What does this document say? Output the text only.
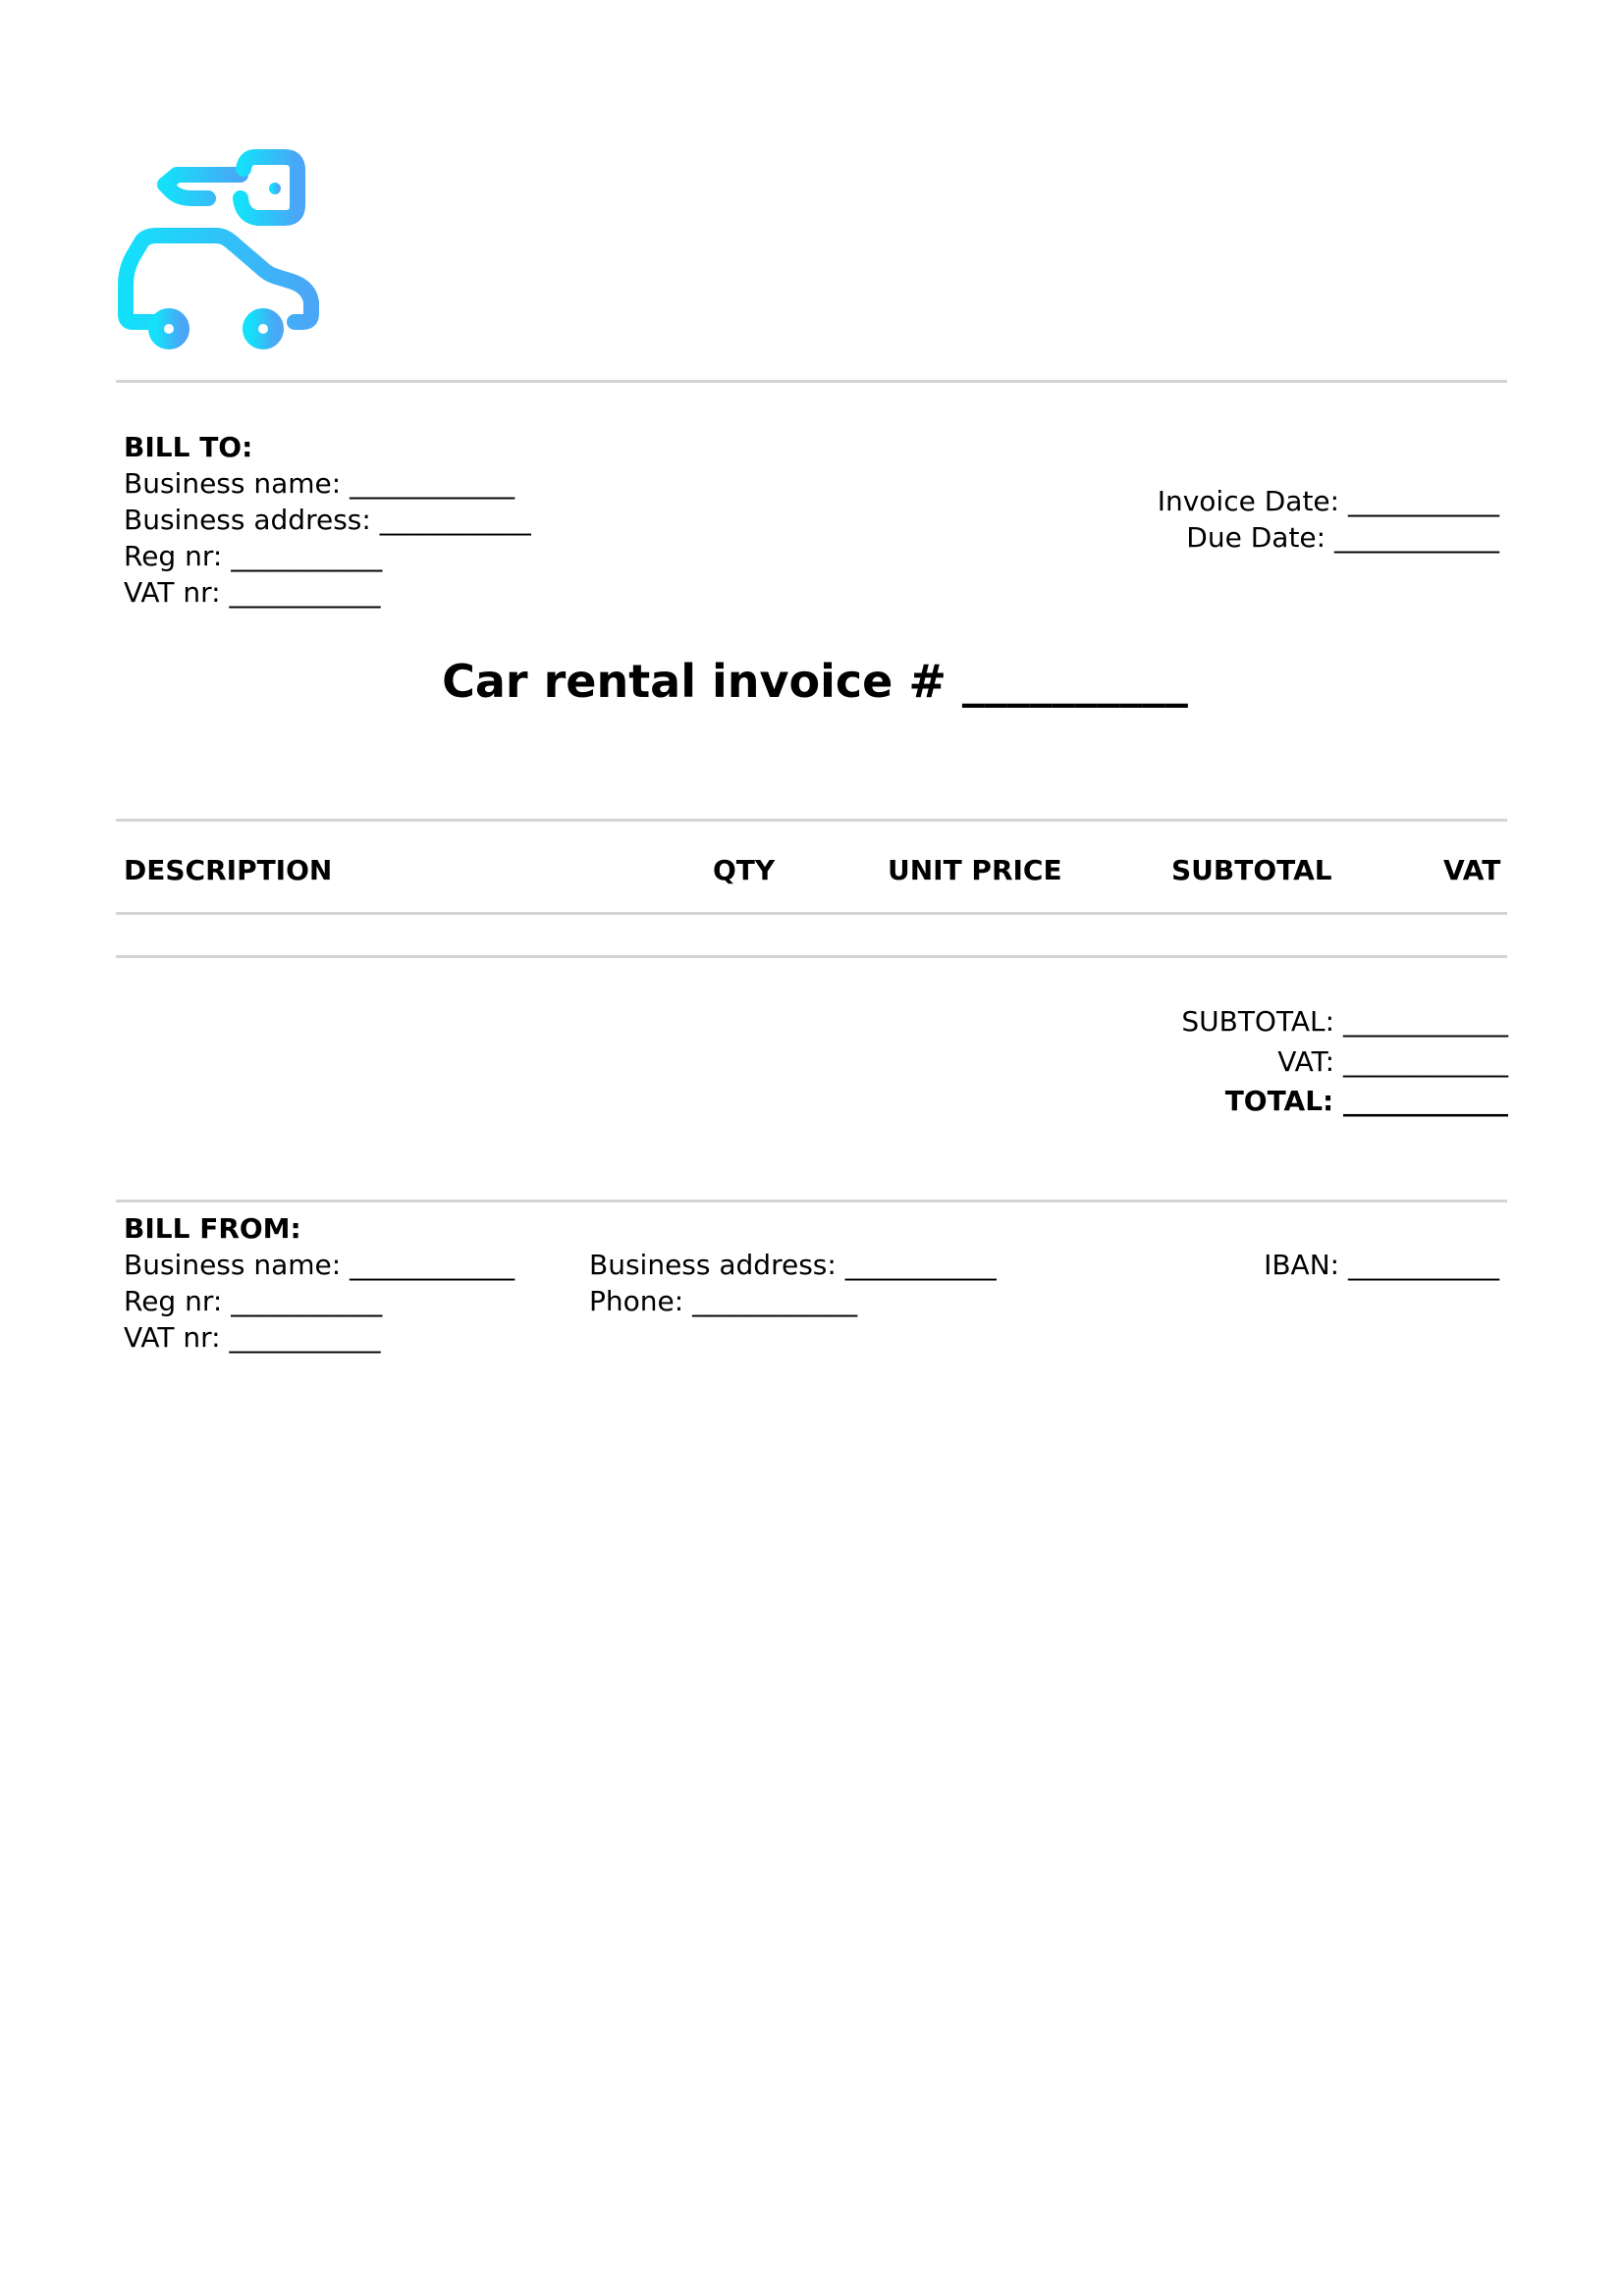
BILL TO:
Business name: ____________
Business address: ___________
Reg nr: ___________
VAT nr: ___________
Invoice Date: ___________
Due Date: ____________
Car rental invoice # __________
DESCRIPTION	QTY	UNIT PRICE	SUBTOTAL	VAT
SUBTOTAL: ____________
VAT: ____________
TOTAL: ____________
BILL FROM:
Business name: ____________
Reg nr: ___________
VAT nr: ___________
Business address: ___________
Phone: ____________
IBAN: ___________
